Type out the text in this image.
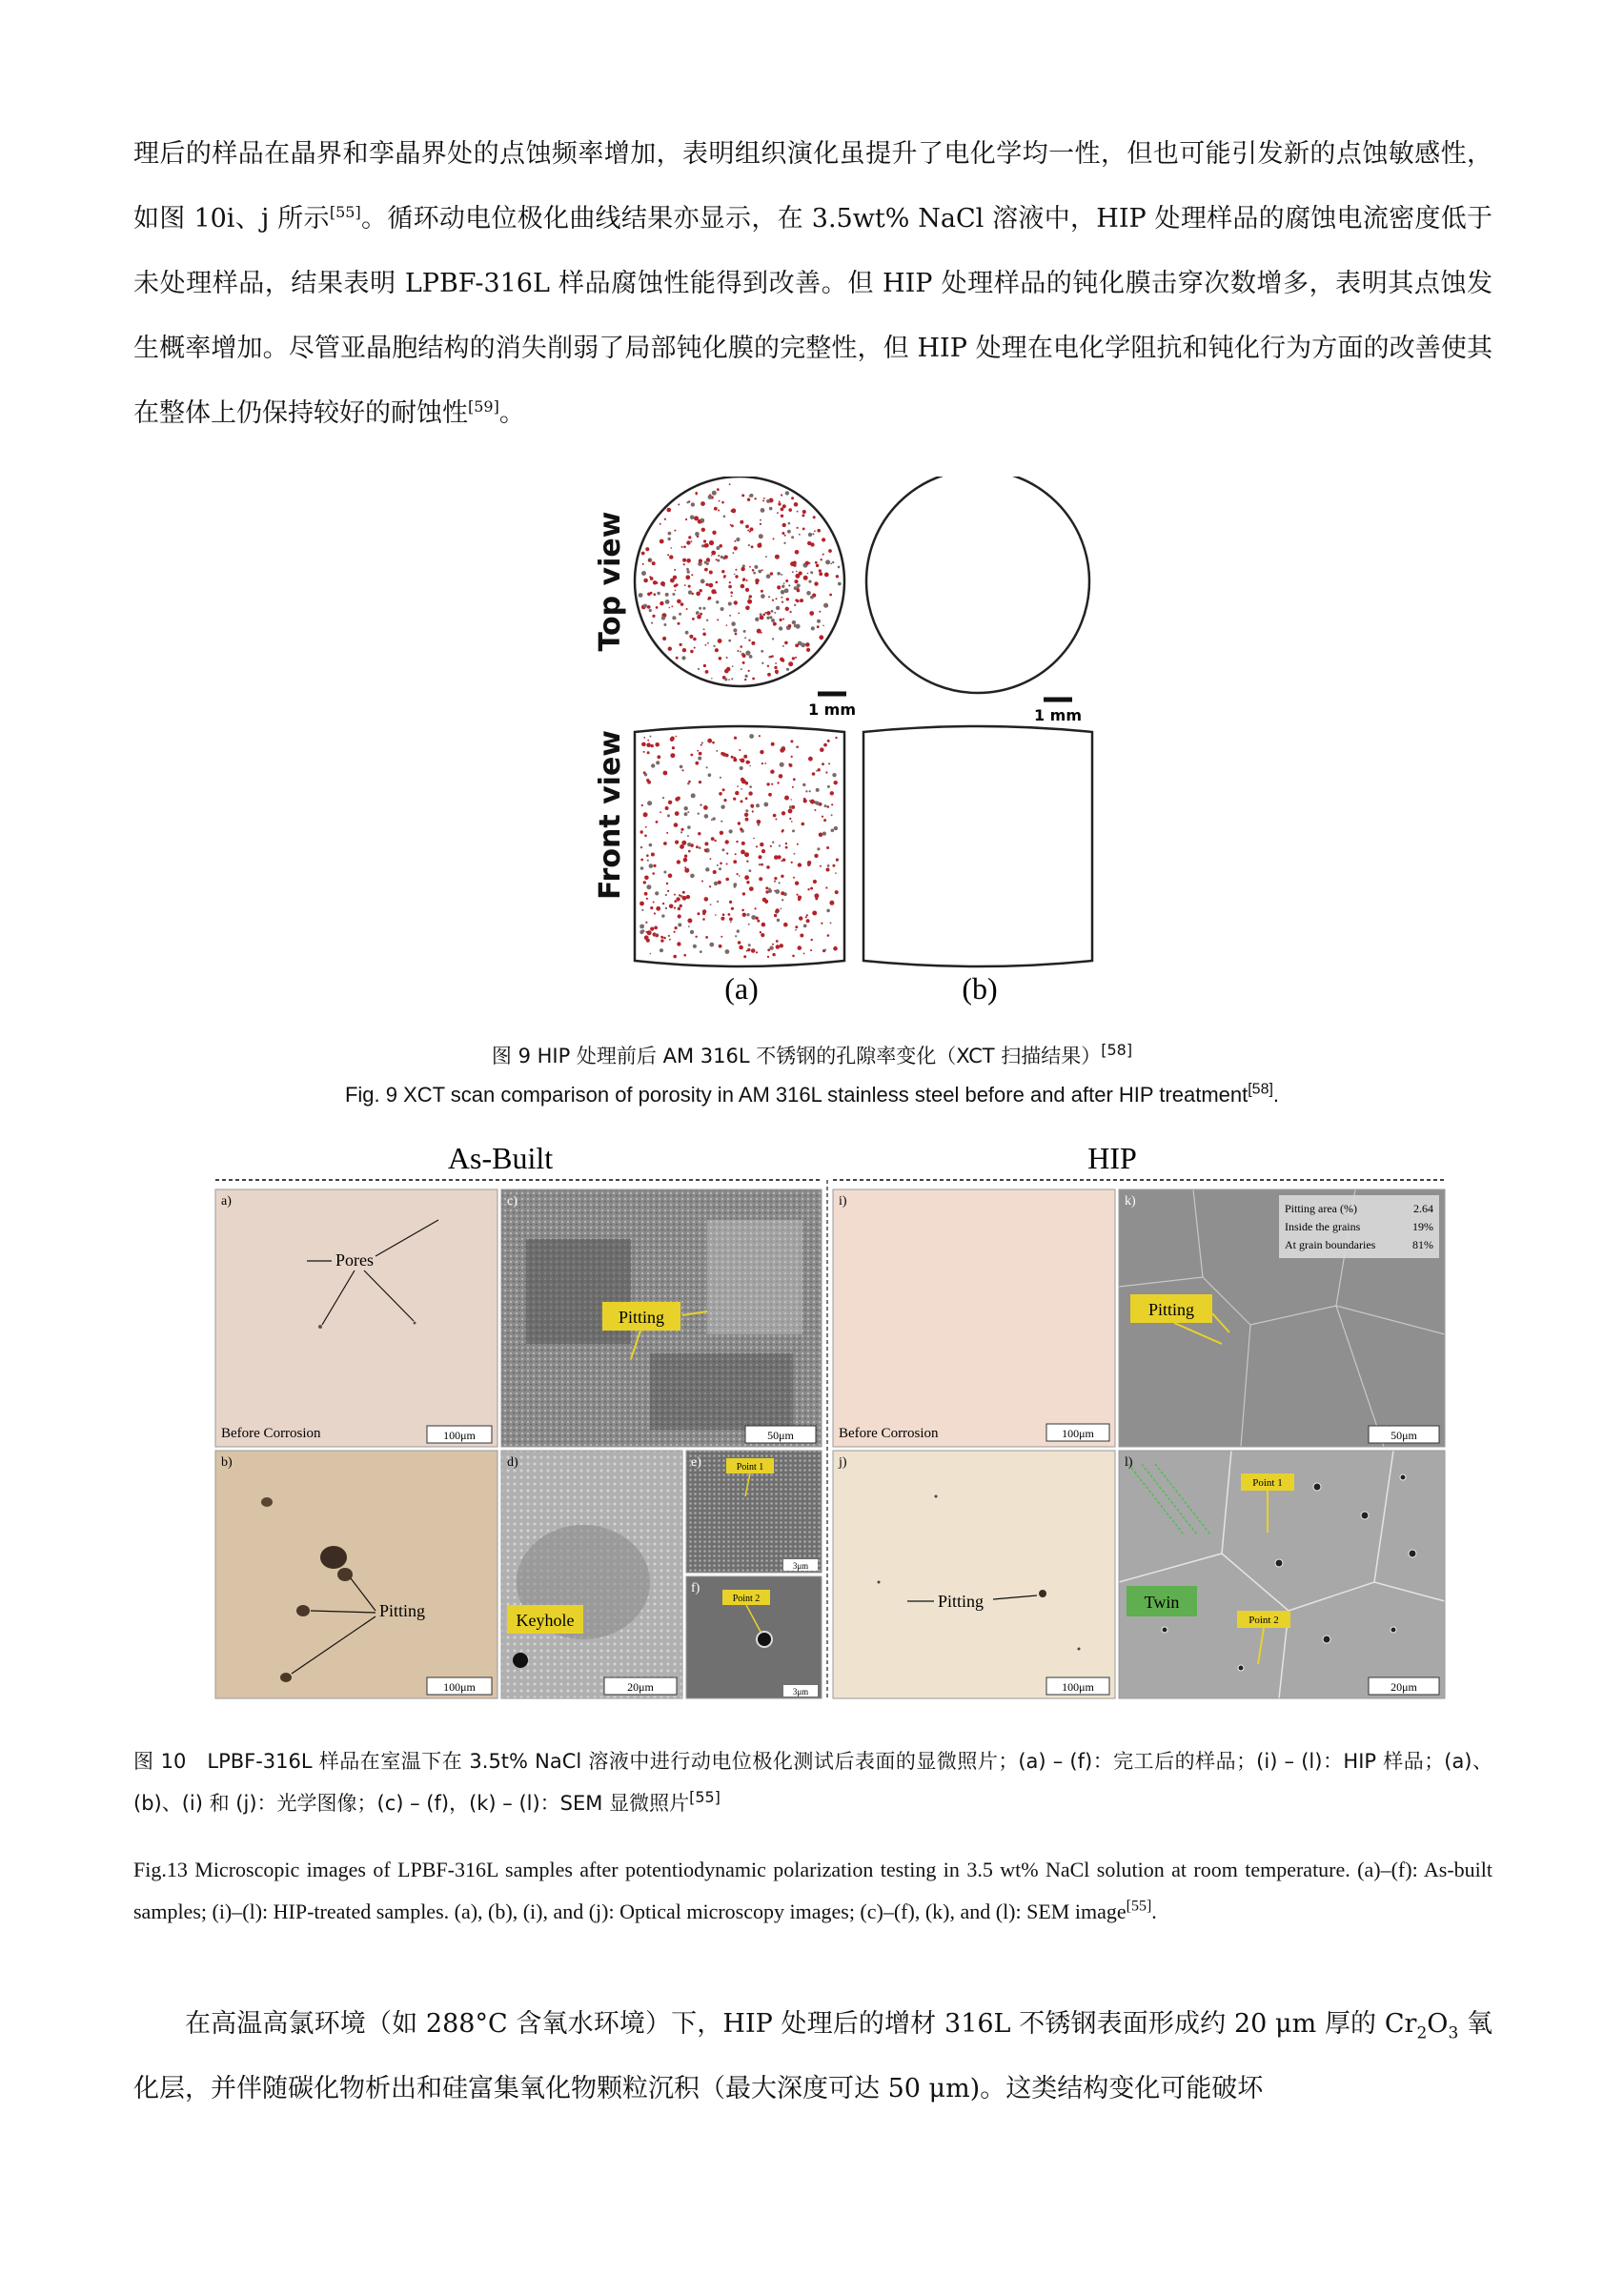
理后的样品在晶界和孪晶界处的点蚀频率增加，表明组织演化虽提升了电化学均一性，但也可能引发新的点蚀敏感性，如图 10i、j 所示[55]。循环动电位极化曲线结果亦显示，在 3.5wt% NaCl 溶液中，HIP 处理样品的腐蚀电流密度低于未处理样品，结果表明 LPBF-316L 样品腐蚀性能得到改善。但 HIP 处理样品的钝化膜击穿次数增多，表明其点蚀发生概率增加。尽管亚晶胞结构的消失削弱了局部钝化膜的完整性，但 HIP 处理在电化学阻抗和钝化行为方面的改善使其在整体上仍保持较好的耐蚀性[59]。

Top view
Front view
1 mm	1 mm
(a)	(b)

图 9 HIP 处理前后 AM 316L 不锈钢的孔隙率变化（XCT 扫描结果）[58]

Fig. 9 XCT scan comparison of porosity in AM 316L stainless steel before and after HIP treatment[58].

As-Built	HIP
a)
Pores
Before Corrosion	100μm
c)
Pitting
50μm
i)
Before Corrosion	100μm
k)	Pitting area (%)	2.64
Inside the grains	19%
At grain boundaries	81%
Pitting
50μm
b)
Pitting
100μm
d)
Keyhole
20μm
e)	Point 1
3μm
f)
Point 2
3μm
j)
Pitting
100μm
l)
Twin
Point 1
Point 2
20μm

图 10　LPBF-316L 样品在室温下在 3.5t% NaCl 溶液中进行动电位极化测试后表面的显微照片；(a) – (f)：完工后的样品；(i) – (l)：HIP 样品；(a)、(b)、(i) 和 (j)：光学图像；(c) – (f)，(k) – (l)：SEM 显微照片[55]

Fig.13 Microscopic images of LPBF-316L samples after potentiodynamic polarization testing in 3.5 wt% NaCl solution at room temperature. (a)–(f): As-built samples; (i)–(l): HIP-treated samples. (a), (b), (i), and (j): Optical microscopy images; (c)–(f), (k), and (l): SEM image[55].

在高温高氯环境（如 288°C 含氧水环境）下，HIP 处理后的增材 316L 不锈钢表面形成约 20 μm 厚的 $Cr_2O_3$ 氧化层，并伴随碳化物析出和硅富集氧化物颗粒沉积（最大深度可达 50 μm)。这类结构变化可能破坏
